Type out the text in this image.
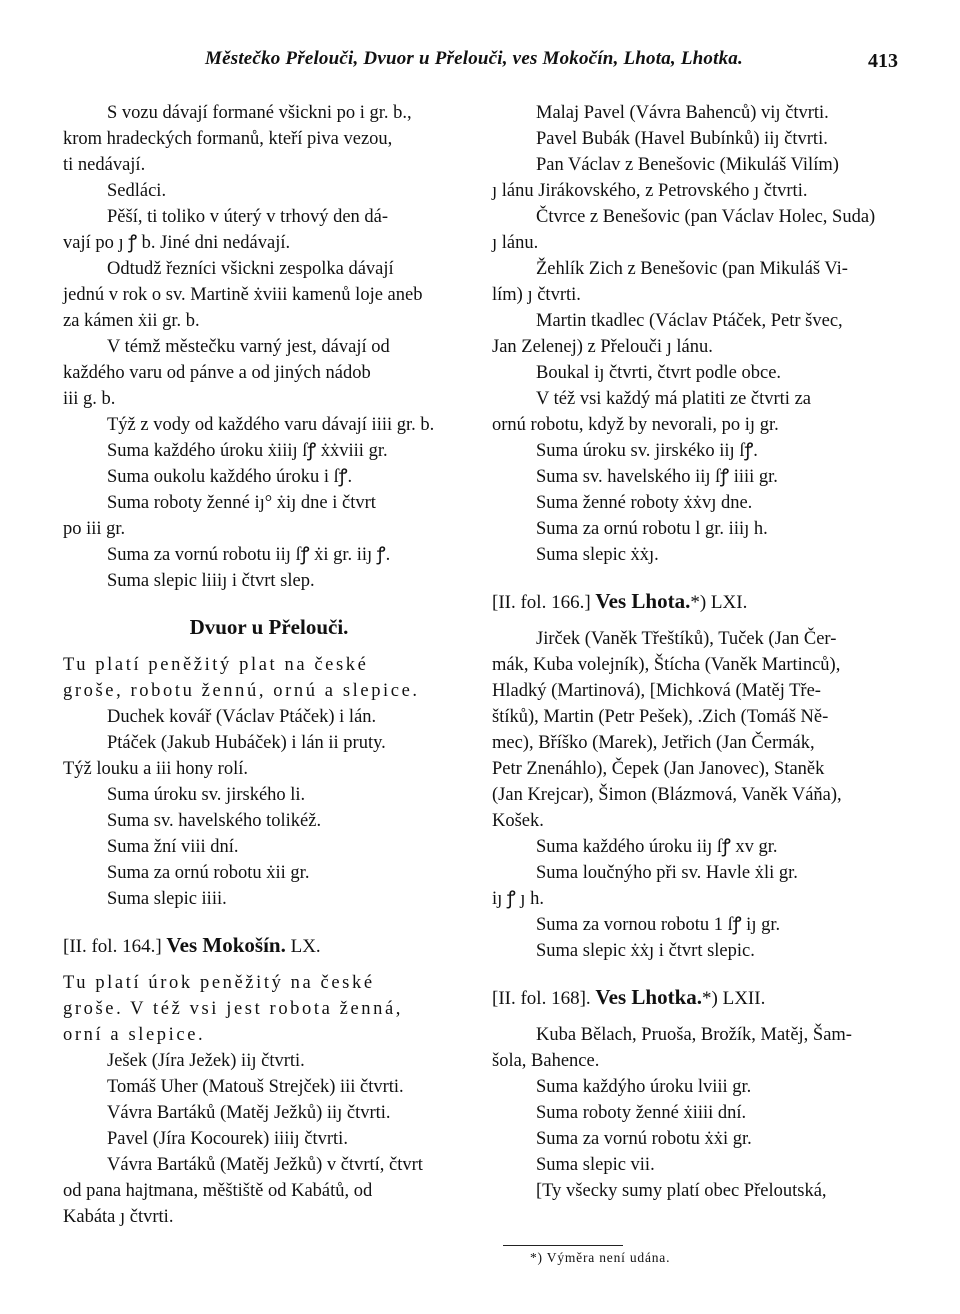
Městečko Přelouči, Dvuor u Přelouči, ves Mokočín, Lhota, Lhotka.	413
S vozu dávají formané všickni po i gr. b.,
krom hradeckých formanů, kteří piva vezou,
ti nedávají.
Sedláci.
Pěší, ti toliko v úterý v trhový den dá-
vají po ȷ ꝭ b. Jiné dni nedávají.
Odtudž řezníci všickni zespolka dávají
jednú v rok o sv. Martině ẋviii kamenů loje aneb
za kámen ẋii gr. b.
V témž městečku varný jest, dávají od
každého varu od pánve a od jiných nádob
iii g. b.
Týž z vody od každého varu dávají iiii gr. b.
Suma každého úroku ẋiiiȷ ſꝭ ẋẋviii gr.
Suma oukolu každého úroku i ſꝭ.
Suma roboty ženné iȷ° ẋiȷ dne i čtvrt
po iii gr.
Suma za vornú robotu iiȷ ſꝭ ẋi gr. iiȷ ꝭ.
Suma slepic liiiȷ i čtvrt slep.
Dvuor u Přelouči.
Tu platí peněžitý plat na české
groše, robotu žennú, ornú a slepice.
Duchek kovář (Václav Ptáček) i lán.
Ptáček (Jakub Hubáček) i lán ii pruty.
Týž louku a iii hony rolí.
Suma úroku sv. jirského li.
Suma sv. havelského tolikéž.
Suma žní viii dní.
Suma za ornú robotu ẋii gr.
Suma slepic iiii.
[II. fol. 164.] Ves Mokošín. LX.
Tu platí úrok peněžitý na české
groše. V též vsi jest robota ženná,
orní a slepice.
Ješek (Jíra Ježek) iiȷ čtvrti.
Tomáš Uher (Matouš Strejček) iii čtvrti.
Vávra Bartáků (Matěj Ježků) iiȷ čtvrti.
Pavel (Jíra Kocourek) iiiiȷ čtvrti.
Vávra Bartáků (Matěj Ježků) v čtvrtí, čtvrt
od pana hajtmana, měštiště od Kabátů, od
Kabáta ȷ čtvrti.
Malaj Pavel (Vávra Bahenců) viȷ čtvrti.
Pavel Bubák (Havel Bubínků) iiȷ čtvrti.
Pan Václav z Benešovic (Mikuláš Vilím)
ȷ lánu Jirákovského, z Petrovského ȷ čtvrti.
Čtvrce z Benešovic (pan Václav Holec, Suda)
ȷ lánu.
Žehlík Zich z Benešovic (pan Mikuláš Vi-
lím) ȷ čtvrti.
Martin tkadlec (Václav Ptáček, Petr švec,
Jan Zelenej) z Přelouči ȷ lánu.
Boukal iȷ čtvrti, čtvrt podle obce.
V též vsi každý má platiti ze čtvrti za
ornú robotu, když by nevorali, po iȷ gr.
Suma úroku sv. jirskéko iiȷ ſꝭ.
Suma sv. havelského iiȷ ſꝭ iiii gr.
Suma ženné roboty ẋẋvȷ dne.
Suma za ornú robotu l gr. iiiȷ h.
Suma slepic ẋẋȷ.
[II. fol. 166.] Ves Lhota.*) LXI.
Jirček (Vaněk Třeštíků), Tuček (Jan Čer-
mák, Kuba volejník), Štícha (Vaněk Martinců),
Hladký (Martinová), [Michková (Matěj Tře-
štíků), Martin (Petr Pešek), .Zich (Tomáš Ně-
mec), Bříško (Marek), Jetřich (Jan Čermák,
Petr Znenáhlo), Čepek (Jan Janovec), Staněk
(Jan Krejcar), Šimon (Blázmová, Vaněk Váňa),
Košek.
Suma každého úroku iiȷ ſꝭ xv gr.
Suma loučnýho při sv. Havle ẋli gr.
iȷ ꝭ ȷ h.
Suma za vornou robotu 1 ſꝭ iȷ gr.
Suma slepic ẋẋȷ i čtvrt slepic.
[II. fol. 168]. Ves Lhotka.*) LXII.
Kuba Bělach, Pruoša, Brožík, Matěj, Šam-
šola, Bahence.
Suma každýho úroku lviii gr.
Suma roboty ženné ẋiiii dní.
Suma za vornú robotu ẋẋi gr.
Suma slepic vii.
[Ty všecky sumy platí obec Přeloutská,
*) Výměra není udána.
